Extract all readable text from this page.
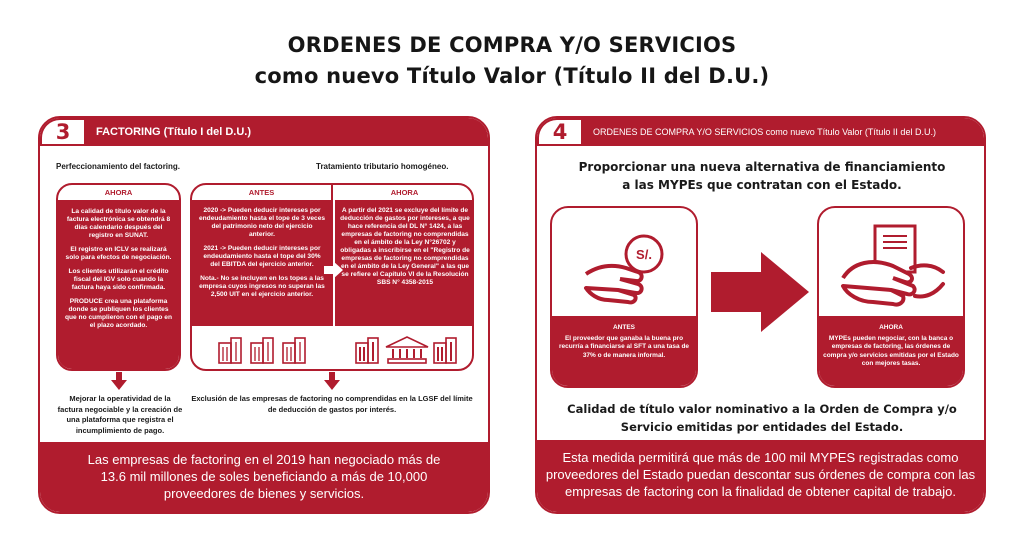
ORDENES DE COMPRA Y/O SERVICIOS
como nuevo Título Valor (Título II del D.U.)
3	FACTORING (Título I del D.U.)
Perfeccionamiento del factoring.	Tratamiento tributario homogéneo.
AHORA

La calidad de título valor de la factura electrónica se obtendrá 8 días calendario después del registro en SUNAT.

El registro en ICLV se realizará solo para efectos de negociación.

Los clientes utilizarán el crédito fiscal del IGV solo cuando la factura haya sido confirmada.

PRODUCE crea una plataforma donde se publiquen los clientes que no cumplieron con el pago en el plazo acordado.

ANTES	AHORA

2020 -> Pueden deducir intereses por endeudamiento hasta el tope de 3 veces del patrimonio neto del ejercicio anterior.

2021 -> Pueden deducir intereses por endeudamiento hasta el tope del 30% del EBITDA del ejercicio anterior.

Nota.- No se incluyen en los topes a las empresa cuyos ingresos no superan las 2,500 UIT en el ejercicio anterior.

A partir del 2021 se excluye del límite de deducción de gastos por intereses, a que hace referencia del DL N° 1424, a las empresas de factoring no comprendidas en el ámbito de la Ley N°26702 y obligadas a inscribirse en el "Registro de empresas de factoring no comprendidas en el ámbito de la Ley General" a las que se refiere el Capítulo VI de la Resolución SBS N° 4358-2015
Mejorar la operatividad de la factura negociable y la creación de una plataforma que registra el incumplimiento de pago.
Exclusión de las empresas de factoring no comprendidas en la LGSF del límite de deducción de gastos por interés.
Las empresas de factoring en el 2019 han negociado más de 13.6 mil millones de soles beneficiando a más de 10,000 proveedores de bienes y servicios.
4	ORDENES DE COMPRA Y/O SERVICIOS como nuevo Título Valor (Título II del D.U.)
Proporcionar una nueva alternativa de financiamiento a las MYPEs que contratan con el Estado.
S/.
ANTES
El proveedor que ganaba la buena pro recurría a financiarse al SFT a una tasa de 37% o de manera informal.
AHORA
MYPEs pueden negociar, con la banca o empresas de factoring, las órdenes de compra y/o servicios emitidas por el Estado con mejores tasas.
Calidad de título valor nominativo a la Orden de Compra y/o Servicio emitidas por entidades del Estado.
Esta medida permitirá que más de 100 mil MYPES registradas como proveedores del Estado puedan descontar sus órdenes de compra con las empresas de factoring con la finalidad de obtener capital de trabajo.
